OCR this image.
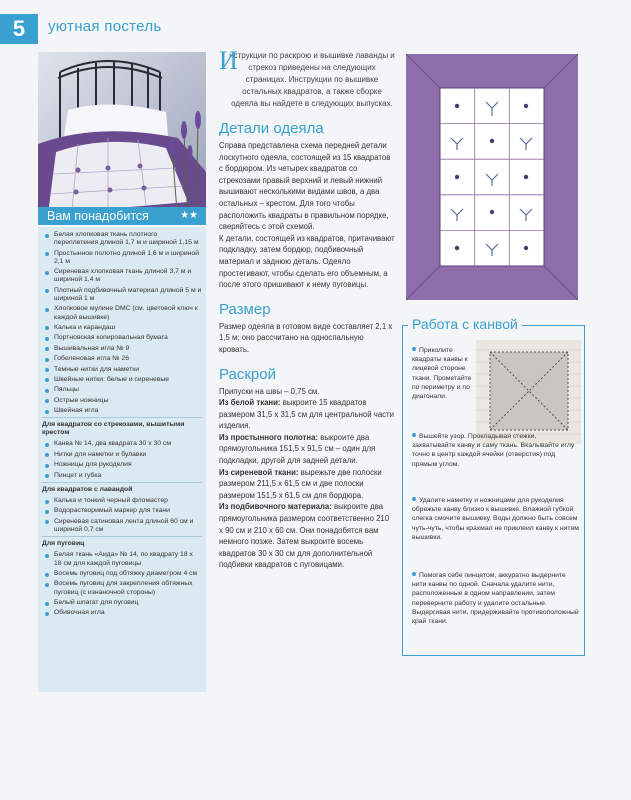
5	уютная постель
Вам понадобится	★★
Белая хлопковая ткань плотного переплетения длиной 1,7 м и шириной 1,15 м
Простынное полотно длиной 1,6 м и шириной 2,1 м
Сиреневая хлопковая ткань длиной 3,7 м и шириной 1,4 м
Плотный подбивочный материал длиной 5 м и шириной 1 м
Хлопковое мулине DMC (см. цветовой ключ к каждой вышивке)
Калька и карандаш
Портновская копировальная бумага
Вышивальная игла № 9
Гобеленовая игла № 26
Темные нитки для наметки
Швейные нитки: белые и сиреневые
Пяльцы
Острые ножницы
Швейная игла
Для квадратов со стрекозами, вышитыми крестом
Канва № 14, два квадрата 30 x 30 см
Нитки для наметки и булавки
Ножницы для рукоделия
Пинцет и губка
Для квадратов с лавандой
Калька и тонкий черный фломастер
Водорастворимый маркер для ткани
Сиреневая сатиновая лента длиной 60 см и шириной 0,7 см
Для пуговиц
Белая ткань «Аида» № 14, по квадрату 18 x 18 см для каждой пуговицы
Восемь пуговиц под обтяжку диаметром 4 см
Восемь пуговиц для закрепления обтяжных пуговиц (с изнаночной стороны)
Белый шпагат для пуговиц
Обивочная игла
И
нструкции по раскрою и вышивке лаванды и стрекоз приведены на следующих страницах. Инструкции по вышивке остальных квадратов, а также сборке одеяла вы найдете в следующих выпусках.
Детали одеяла

Справа представлена схема передней детали лоскутного одеяла, состоящей из 15 квадратов с бордюром. Из четырех квадратов со стрекозами правый верхний и левый нижний вышивают несколькими видами швов, а два остальных – крестом. Для того чтобы расположить квадраты в правильном порядке, сверяйтесь с этой схемой.

К детали, состоящей из квадратов, притачивают подкладку, затем бордюр, подбивочный материал и заднюю деталь. Одеяло простегивают, чтобы сделать его объемным, а после этого пришивают к нему пуговицы.

Размер

Размер одеяла в готовом виде составляет 2,1 x 1,5 м; оно рассчитано на односпальную кровать.

Раскрой

Припуски на швы – 0,75 см.

Из белой ткани: выкроите 15 квадратов размером 31,5 x 31,5 см для центральной части изделия.

Из простынного полотна: выкроите два прямоугольника 151,5 x 91,5 см – один для подкладки, другой для задней детали.

Из сиреневой ткани: вырежьте две полоски размером 211,5 x 61,5 см и две полоски размером 151,5 x 61,5 см для бордюра.

Из подбивочного материала: выкроите два прямоугольника размером соответственно 210 x 90 см и 210 x 60 см. Они понадобятся вам немного позже. Затем выкроите восемь квадратов 30 x 30 см для дополнительной подбивки квадратов с пуговицами.

Работа с канвой
Приколите квадраты канвы к лицевой стороне ткани. Прометайте по периметру и по диагонали.
Вышейте узор. Прокладывая стежки, захватывайте канву и саму ткань. Вкалывайте иглу точно в центр каждой ячейки (отверстия) под прямым углом.
Удалите наметку и ножницами для рукоделия обрежьте канву близко к вышивке. Влажной губкой слегка смочите вышивку. Воды должно быть совсем чуть-чуть, чтобы крахмал не приклеил канву к нитям вышивки.
Помогая себе пинцетом, аккуратно выдерните нити канвы по одной. Сначала удалите нити, расположенные в одном направлении, затем переверните работу и удалите остальные. Выдергивая нити, придерживайте противоположный край ткани.
